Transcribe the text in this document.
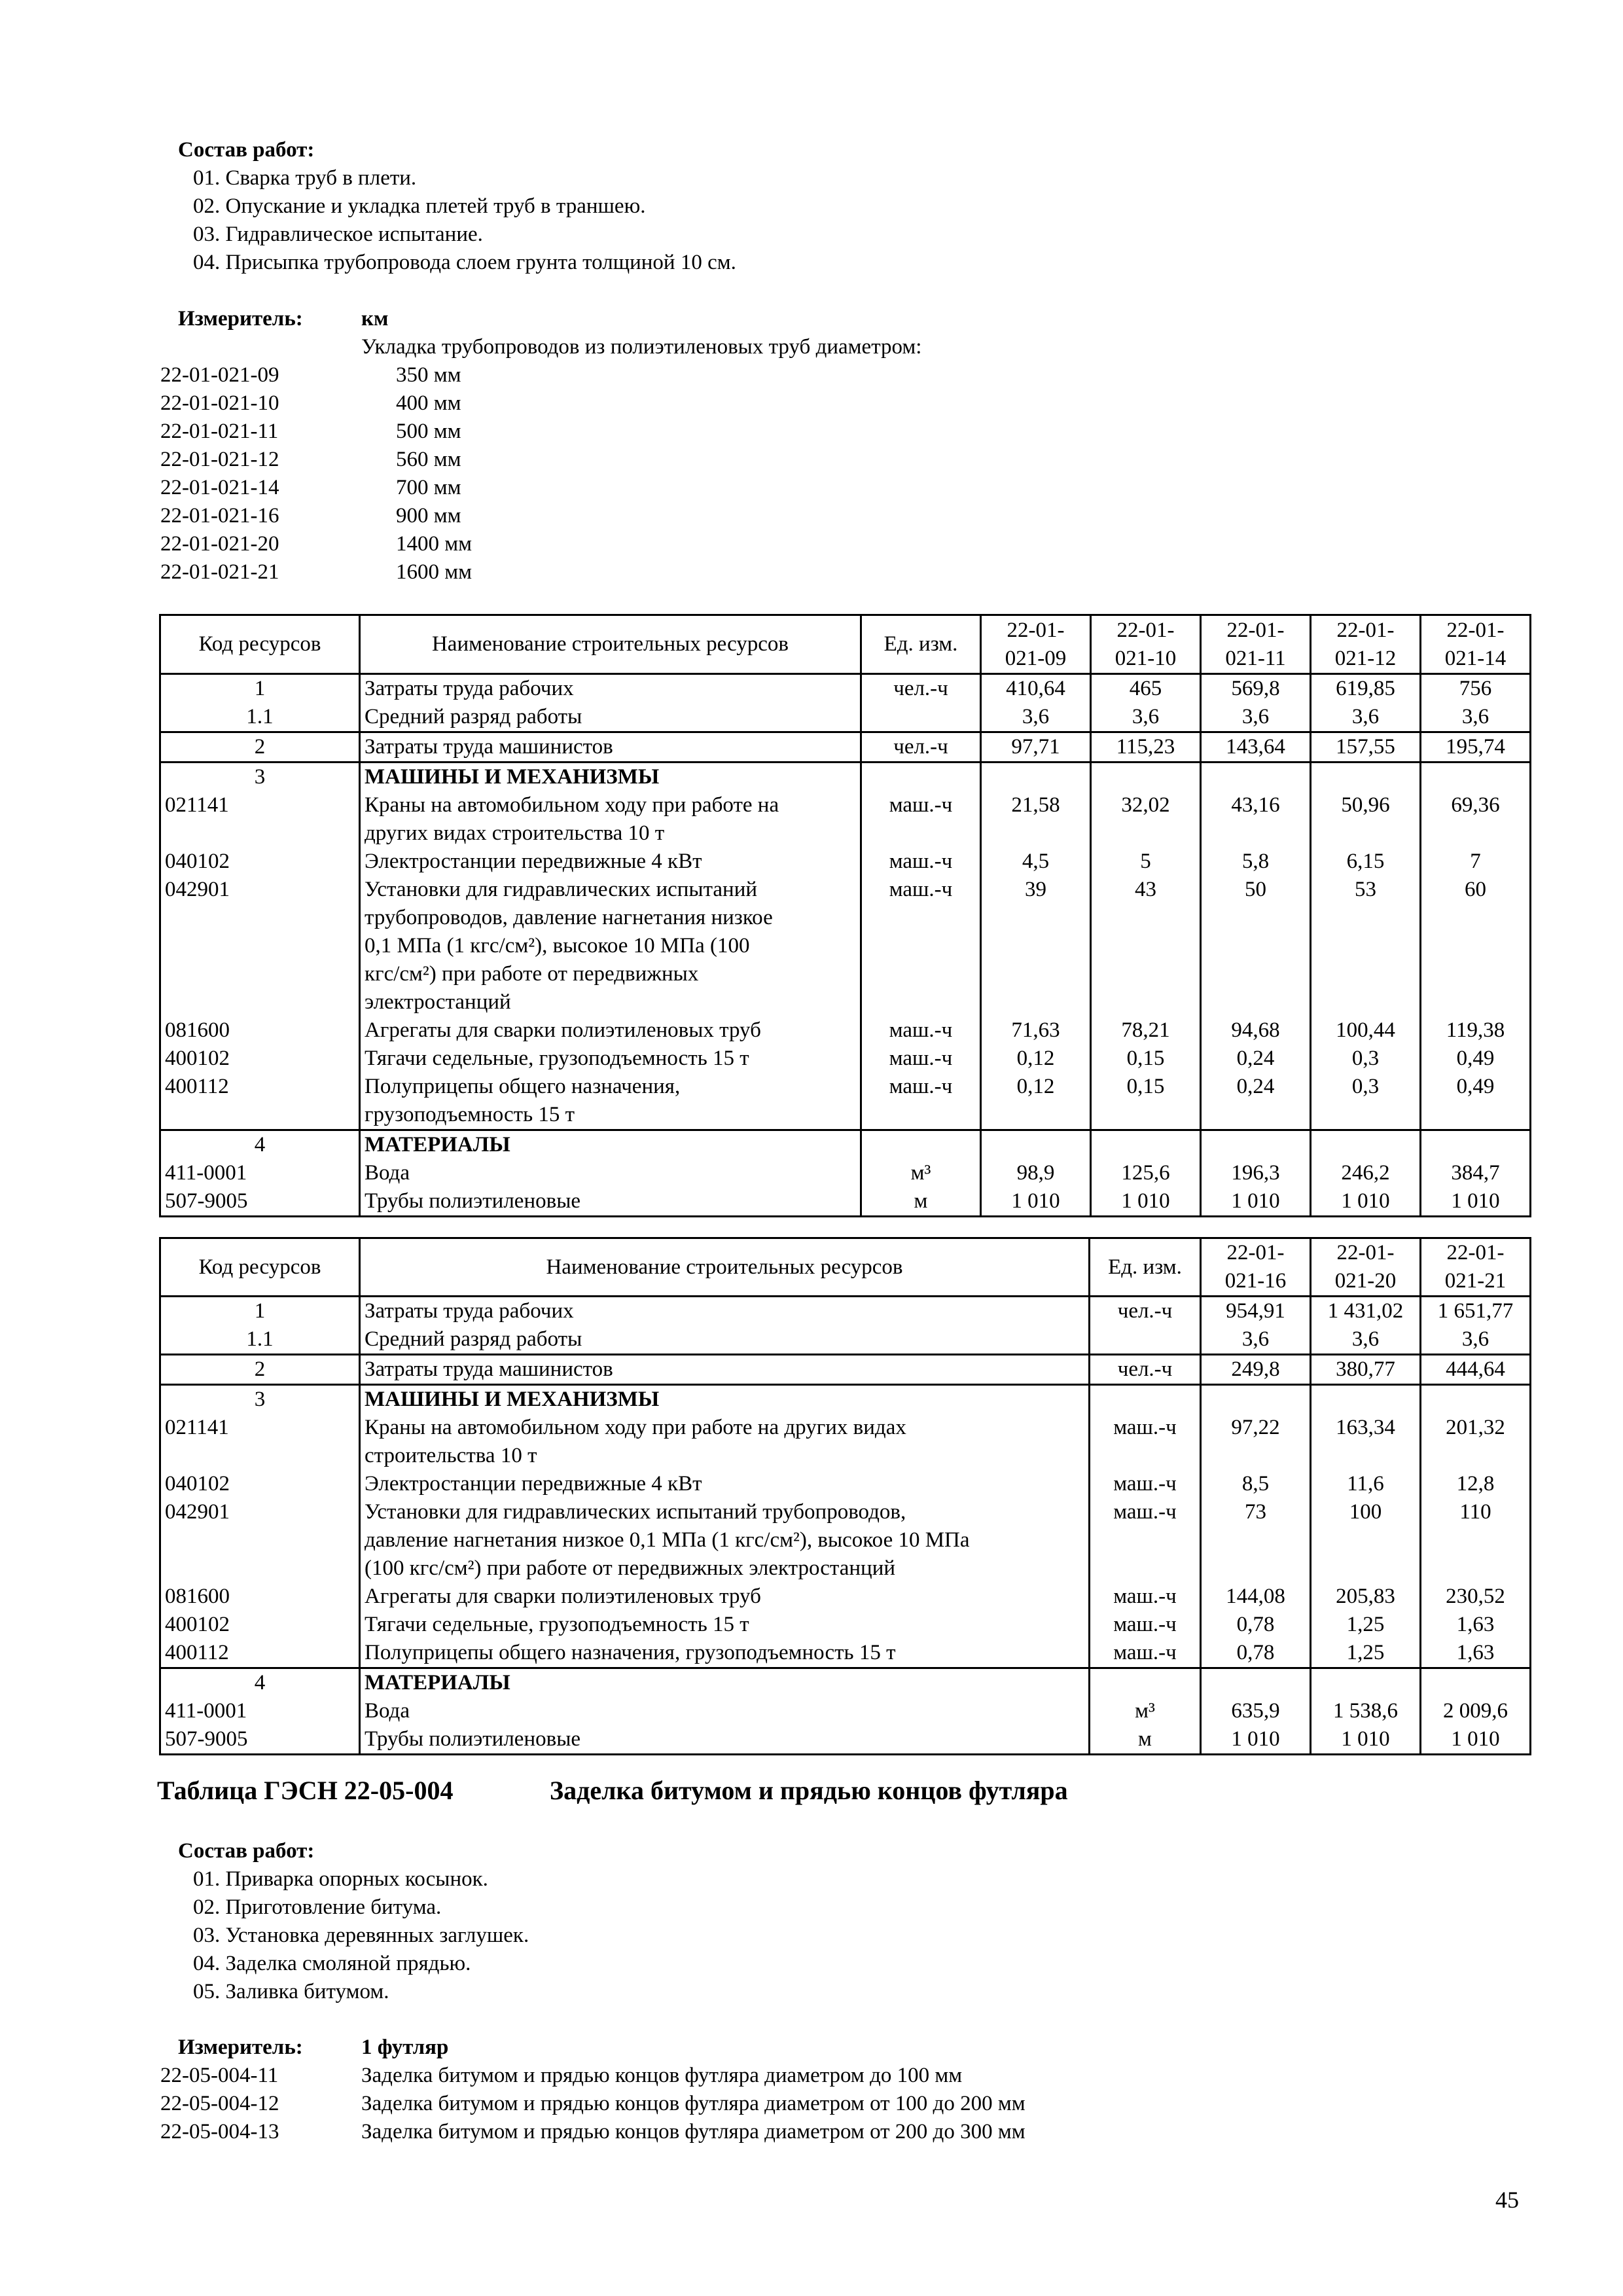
Состав работ:
01. Сварка труб в плети.
02. Опускание и укладка плетей труб в траншею.
03. Гидравлическое испытание.
04. Присыпка трубопровода слоем грунта толщиной 10 см.
Измеритель:	км
Укладка трубопроводов из полиэтиленовых труб диаметром:
22-01-021-09	350 мм
22-01-021-10	400 мм
22-01-021-11	500 мм
22-01-021-12	560 мм
22-01-021-14	700 мм
22-01-021-16	900 мм
22-01-021-20	1400 мм
22-01-021-21	1600 мм
Код ресурсов	Наименование строительных ресурсов	Ед. изм.	22-01-
021-09	22-01-
021-10	22-01-
021-11	22-01-
021-12	22-01-
021-14
1	Затраты труда рабочих	чел.-ч	410,64	465	569,8	619,85	756
1.1	Средний разряд работы		3,6	3,6	3,6	3,6	3,6
2	Затраты труда машинистов	чел.-ч	97,71	115,23	143,64	157,55	195,74
3	МАШИНЫ И МЕХАНИЗМЫ						

021141	Краны на автомобильном ходу при работе на
других видах строительства 10 т	маш.-ч	21,58	32,02	43,16	50,96	69,36
040102	Электростанции передвижные 4 кВт	маш.-ч	4,5	5	5,8	6,15	7
042901	Установки для гидравлических испытаний
трубопроводов, давление нагнетания низкое
0,1 МПа (1 кгс/см²), высокое 10 МПа (100
кгс/см²) при работе от передвижных
электростанций	маш.-ч	39	43	50	53	60
081600	Агрегаты для сварки полиэтиленовых труб	маш.-ч	71,63	78,21	94,68	100,44	119,38
400102	Тягачи седельные, грузоподъемность 15 т	маш.-ч	0,12	0,15	0,24	0,3	0,49
400112	Полуприцепы общего назначения,
грузоподъемность 15 т	маш.-ч	0,12	0,15	0,24	0,3	0,49
4	МАТЕРИАЛЫ						

411-0001	Вода	м³	98,9	125,6	196,3	246,2	384,7
507-9005	Трубы полиэтиленовые	м	1 010	1 010	1 010	1 010	1 010
Код ресурсов	Наименование строительных ресурсов	Ед. изм.	22-01-
021-16	22-01-
021-20	22-01-
021-21
1	Затраты труда рабочих	чел.-ч	954,91	1 431,02	1 651,77
1.1	Средний разряд работы		3,6	3,6	3,6
2	Затраты труда машинистов	чел.-ч	249,8	380,77	444,64
3	МАШИНЫ И МЕХАНИЗМЫ				

021141	Краны на автомобильном ходу при работе на других видах
строительства 10 т	маш.-ч	97,22	163,34	201,32
040102	Электростанции передвижные 4 кВт	маш.-ч	8,5	11,6	12,8
042901	Установки для гидравлических испытаний трубопроводов,
давление нагнетания низкое 0,1 МПа (1 кгс/см²), высокое 10 МПа
(100 кгс/см²) при работе от передвижных электростанций	маш.-ч	73	100	110
081600	Агрегаты для сварки полиэтиленовых труб	маш.-ч	144,08	205,83	230,52
400102	Тягачи седельные, грузоподъемность 15 т	маш.-ч	0,78	1,25	1,63
400112	Полуприцепы общего назначения, грузоподъемность 15 т	маш.-ч	0,78	1,25	1,63
4	МАТЕРИАЛЫ				

411-0001	Вода	м³	635,9	1 538,6	2 009,6
507-9005	Трубы полиэтиленовые	м	1 010	1 010	1 010
Таблица ГЭСН 22-05-004	Заделка битумом и прядью концов футляра
Состав работ:
01. Приварка опорных косынок.
02. Приготовление битума.
03. Установка деревянных заглушек.
04. Заделка смоляной прядью.
05. Заливка битумом.
Измеритель:	1 футляр
22-05-004-11	Заделка битумом и прядью концов футляра диаметром до 100 мм
22-05-004-12	Заделка битумом и прядью концов футляра диаметром от 100 до 200 мм
22-05-004-13	Заделка битумом и прядью концов футляра диаметром от 200 до 300 мм
45
